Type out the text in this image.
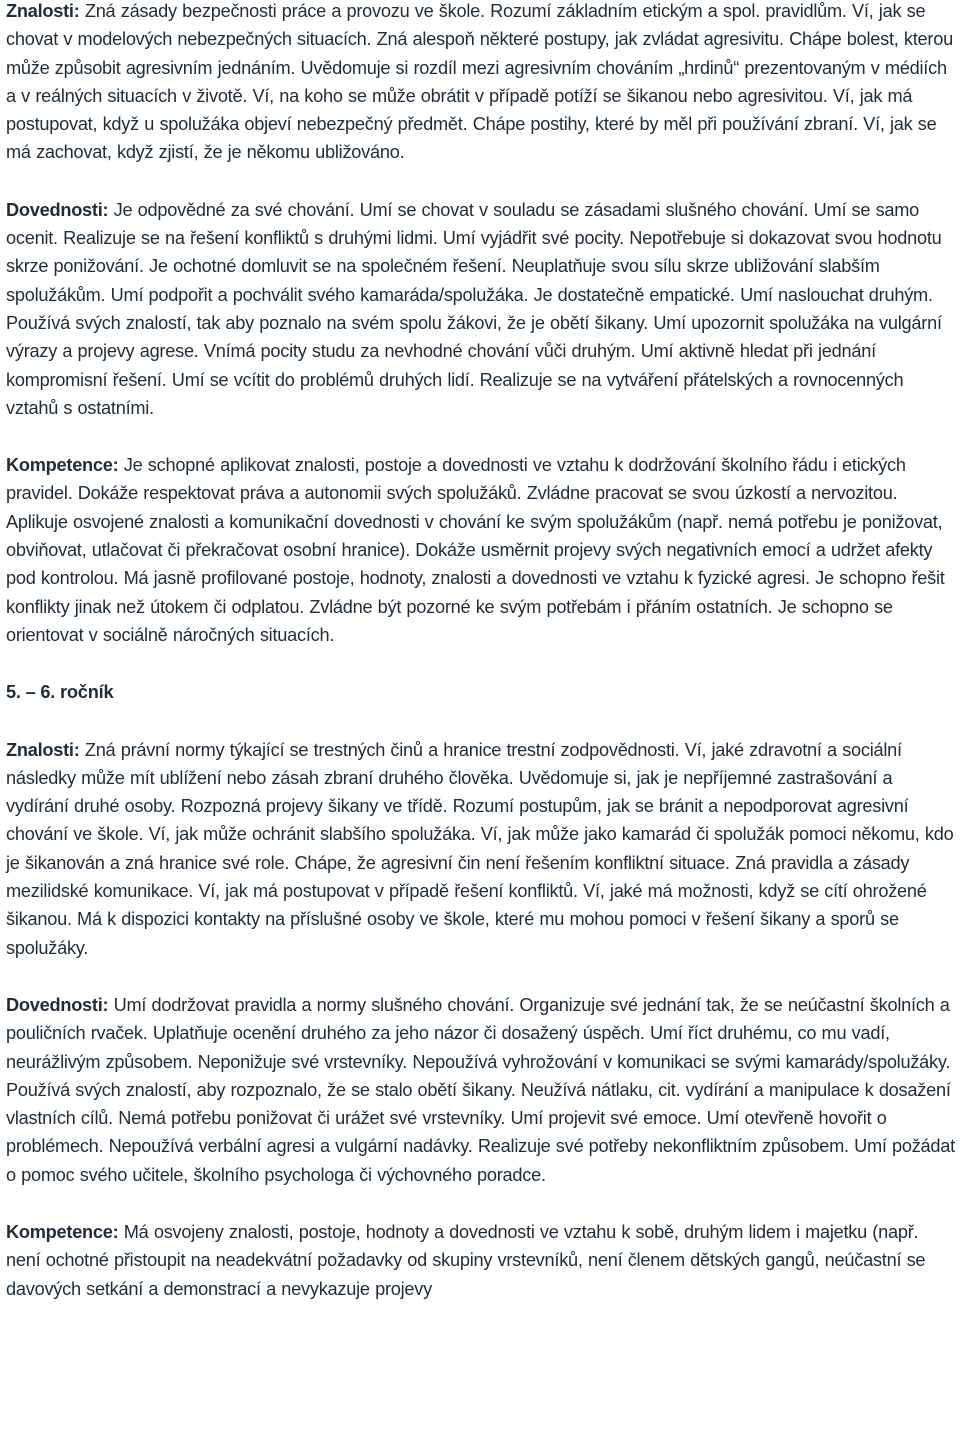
Znalosti: Zná zásady bezpečnosti práce a provozu ve škole. Rozumí základním etickým a spol. pravidlům. Ví, jak se chovat v modelových nebezpečných situacích. Zná alespoň některé postupy, jak zvládat agresivitu. Chápe bolest, kterou může způsobit agresivním jednáním. Uvědomuje si rozdíl mezi agresivním chováním „hrdinů“ prezentovaným v médiích a v reálných situacích v životě. Ví, na koho se může obrátit v případě potíží se šikanou nebo agresivitou. Ví, jak má postupovat, když u spolužáka objeví nebezpečný předmět. Chápe postihy, které by měl při používání zbraní. Ví, jak se má zachovat, když zjistí, že je někomu ubližováno.

Dovednosti: Je odpovědné za své chování. Umí se chovat v souladu se zásadami slušného chování. Umí se samo ocenit. Realizuje se na řešení konfliktů s druhými lidmi. Umí vyjádřit své pocity. Nepotřebuje si dokazovat svou hodnotu skrze ponižování. Je ochotné domluvit se na společném řešení. Neuplatňuje svou sílu skrze ubližování slabším spolužákům. Umí podpořit a pochválit svého kamaráda/spolužáka. Je dostatečně empatické. Umí naslouchat druhým. Používá svých znalostí, tak aby poznalo na svém spolu žákovi, že je obětí šikany. Umí upozornit spolužáka na vulgární výrazy a projevy agrese. Vnímá pocity studu za nevhodné chování vůči druhým. Umí aktivně hledat při jednání kompromisní řešení. Umí se vcítit do problémů druhých lidí. Realizuje se na vytváření přátelských a rovnocenných vztahů s ostatními.

Kompetence: Je schopné aplikovat znalosti, postoje a dovednosti ve vztahu k dodržování školního řádu i etických pravidel. Dokáže respektovat práva a autonomii svých spolužáků. Zvládne pracovat se svou úzkostí a nervozitou. Aplikuje osvojené znalosti a komunikační dovednosti v chování ke svým spolužákům (např. nemá potřebu je ponižovat, obviňovat, utlačovat či překračovat osobní hranice). Dokáže usměrnit projevy svých negativních emocí a udržet afekty pod kontrolou. Má jasně profilované postoje, hodnoty, znalosti a dovednosti ve vztahu k fyzické agresi. Je schopno řešit konflikty jinak než útokem či odplatou. Zvládne být pozorné ke svým potřebám i přáním ostatních. Je schopno se orientovat v sociálně náročných situacích.

5. – 6. ročník

Znalosti: Zná právní normy týkající se trestných činů a hranice trestní zodpovědnosti. Ví, jaké zdravotní a sociální následky může mít ublížení nebo zásah zbraní druhého člověka. Uvědomuje si, jak je nepříjemné zastrašování a vydírání druhé osoby. Rozpozná projevy šikany ve třídě. Rozumí postupům, jak se bránit a nepodporovat agresivní chování ve škole. Ví, jak může ochránit slabšího spolužáka. Ví, jak může jako kamarád či spolužák pomoci někomu, kdo je šikanován a zná hranice své role. Chápe, že agresivní čin není řešením konfliktní situace. Zná pravidla a zásady mezilidské komunikace. Ví, jak má postupovat v případě řešení konfliktů. Ví, jaké má možnosti, když se cítí ohrožené šikanou. Má k dispozici kontakty na příslušné osoby ve škole, které mu mohou pomoci v řešení šikany a sporů se spolužáky.

Dovednosti: Umí dodržovat pravidla a normy slušného chování. Organizuje své jednání tak, že se neúčastní školních a pouličních rvaček. Uplatňuje ocenění druhého za jeho názor či dosažený úspěch. Umí říct druhému, co mu vadí, neurážlivým způsobem. Neponižuje své vrstevníky. Nepoužívá vyhrožování v komunikaci se svými kamarády/spolužáky. Používá svých znalostí, aby rozpoznalo, že se stalo obětí šikany. Neužívá nátlaku, cit. vydírání a manipulace k dosažení vlastních cílů. Nemá potřebu ponižovat či urážet své vrstevníky. Umí projevit své emoce. Umí otevřeně hovořit o problémech. Nepoužívá verbální agresi a vulgární nadávky. Realizuje své potřeby nekonfliktním způsobem. Umí požádat o pomoc svého učitele, školního psychologa či výchovného poradce.

Kompetence: Má osvojeny znalosti, postoje, hodnoty a dovednosti ve vztahu k sobě, druhým lidem i majetku (např. není ochotné přistoupit na neadekvátní požadavky od skupiny vrstevníků, není členem dětských gangů, neúčastní se davových setkání a demonstrací a nevykazuje projevy
